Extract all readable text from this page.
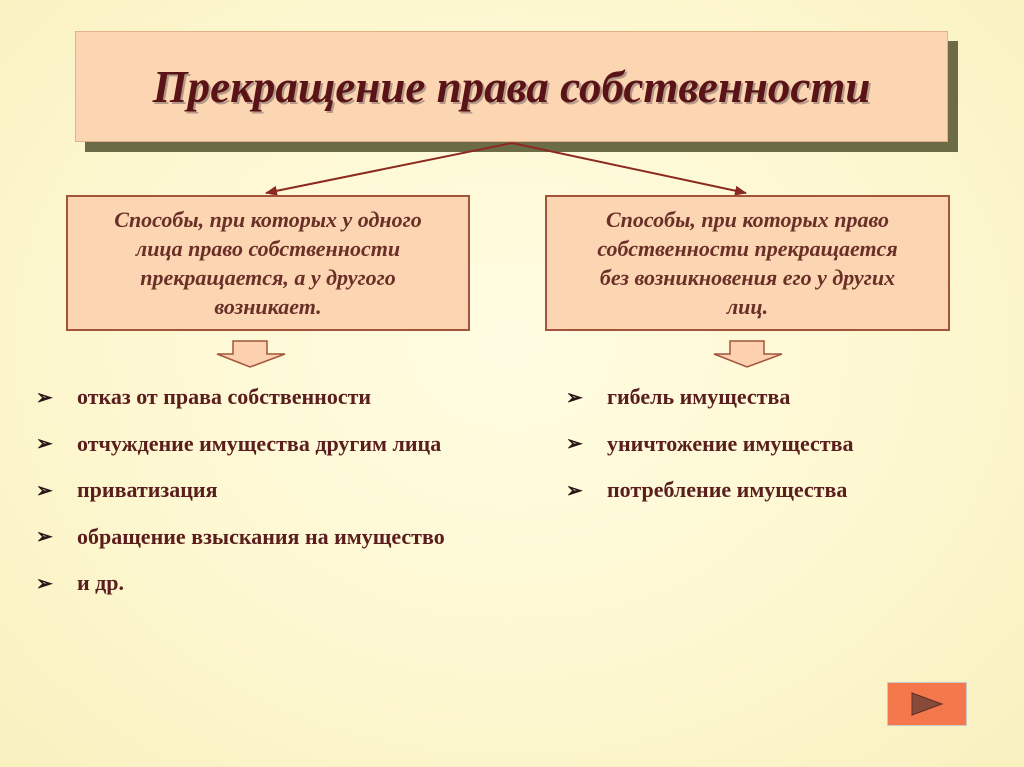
Прекращение права собственности
Способы, при которых у одного
лица право собственности
прекращается, а у другого
возникает.
Способы, при которых право
собственности прекращается
без возникновения его у других
лиц.
➢	отказ от права собственности
➢	отчуждение имущества другим лица
➢	приватизация
➢	обращение взыскания на имущество
➢	и др.
➢	гибель имущества
➢	уничтожение имущества
➢	потребление имущества
